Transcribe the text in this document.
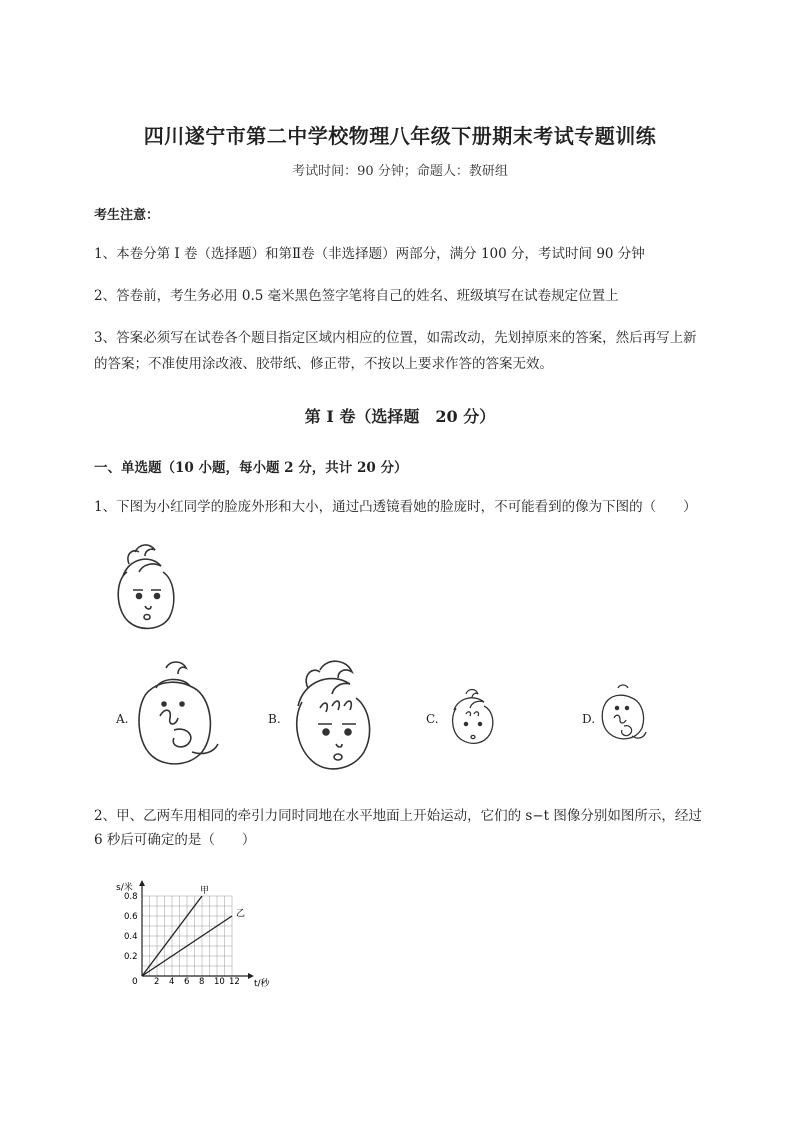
四川遂宁市第二中学校物理八年级下册期末考试专题训练
考试时间：90 分钟；命题人：教研组
考生注意：
1、本卷分第 I 卷（选择题）和第Ⅱ卷（非选择题）两部分，满分 100 分，考试时间 90 分钟
2、答卷前，考生务必用 0.5 毫米黑色签字笔将自己的姓名、班级填写在试卷规定位置上
3、答案必须写在试卷各个题目指定区域内相应的位置，如需改动，先划掉原来的答案，然后再写上新
的答案；不准使用涂改液、胶带纸、修正带，不按以上要求作答的答案无效。
第 I 卷（选择题　20 分）
一、单选题（10 小题，每小题 2 分，共计 20 分）
1、下图为小红同学的脸庞外形和大小，通过凸透镜看她的脸庞时，不可能看到的像为下图的（　　）
A.	B.	C.	D.
2、甲、乙两车用相同的牵引力同时同地在水平地面上开始运动，它们的 s−t 图像分别如图所示，经过
6 秒后可确定的是（　　）
s/米
t/秒
0 2 4 6 8 10 12
0.2
0.4
0.6
0.8
甲
乙
